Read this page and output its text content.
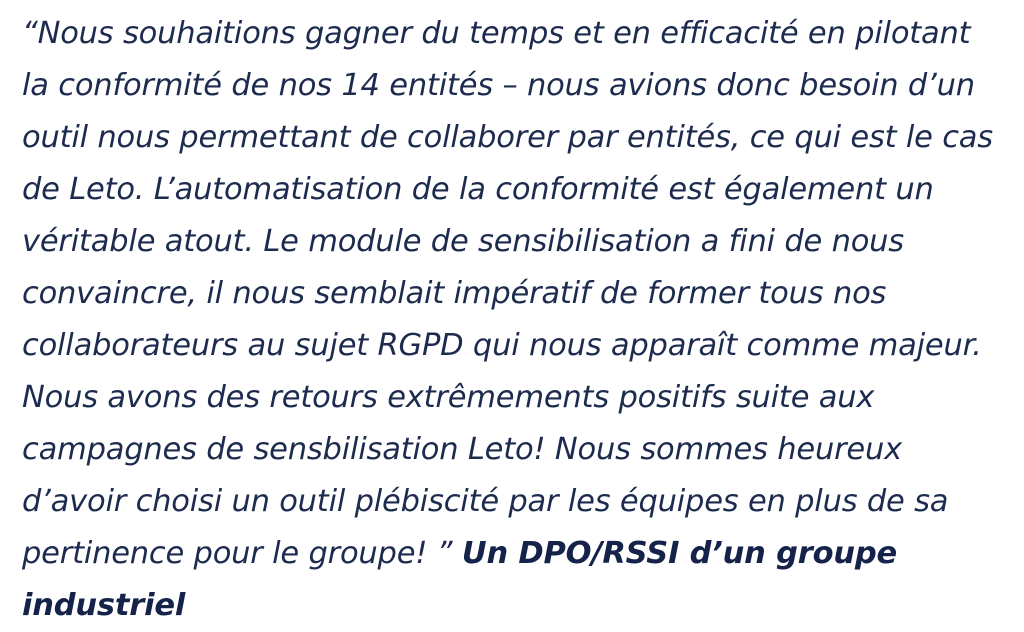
“Nous souhaitions gagner du temps et en efficacité en pilotant la conformité de nos 14 entités – nous avions donc besoin d’un outil nous permettant de collaborer par entités, ce qui est le cas de Leto. L’automatisation de la conformité est également un véritable atout. Le module de sensibilisation a fini de nous convaincre, il nous semblait impératif de former tous nos collaborateurs au sujet RGPD qui nous apparaît comme majeur. Nous avons des retours extrêmements positifs suite aux campagnes de sensbilisation Leto! Nous sommes heureux d’avoir choisi un outil plébiscité par les équipes en plus de sa pertinence pour le groupe! ” Un DPO/RSSI d’un groupe industriel
